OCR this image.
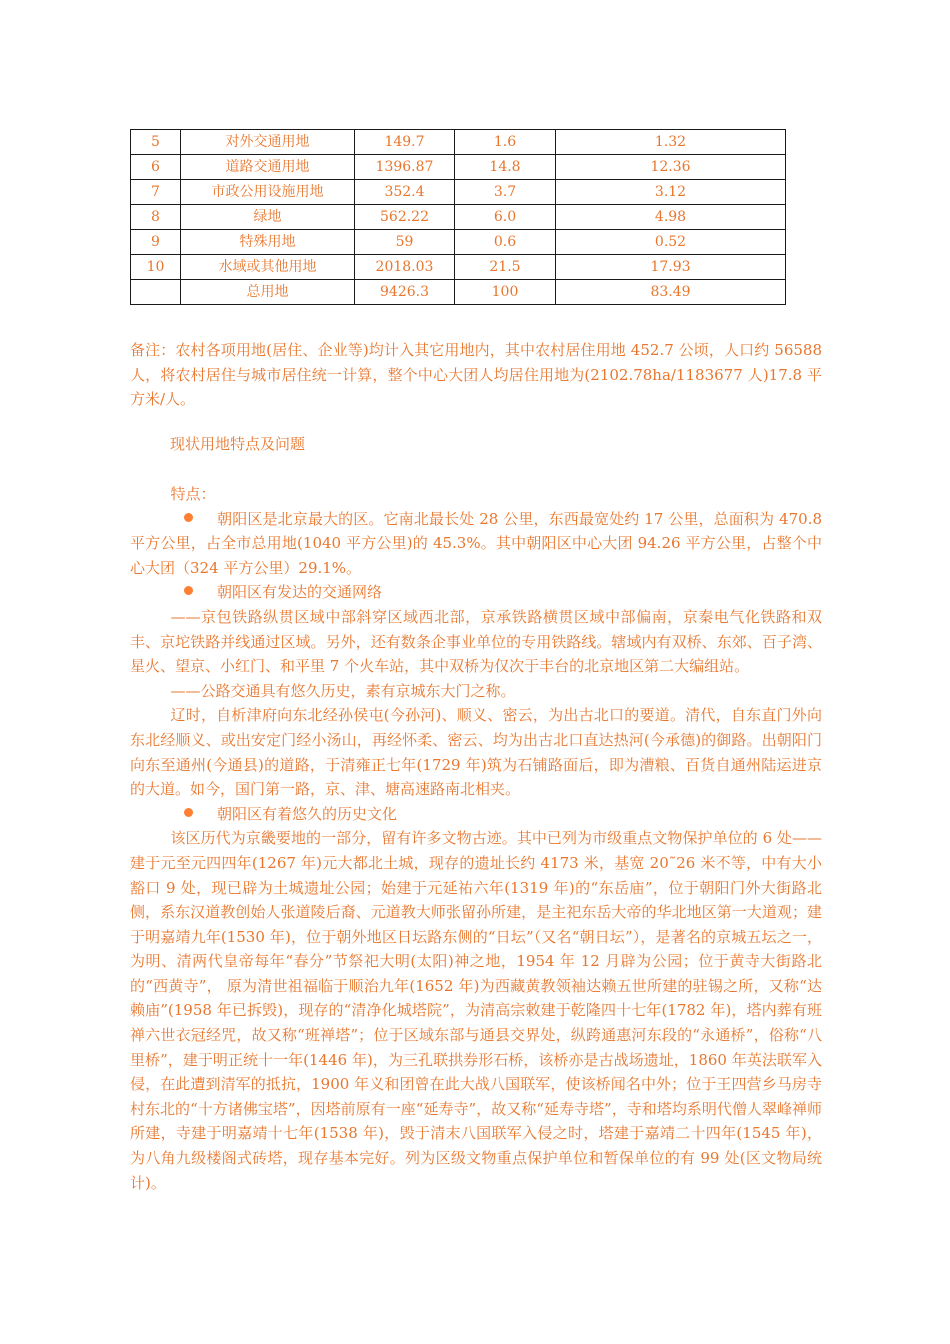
5	对外交通用地	149.7	1.6	1.32
6	道路交通用地	1396.87	14.8	12.36
7	市政公用设施用地	352.4	3.7	3.12
8	绿地	562.22	6.0	4.98
9	特殊用地	59	0.6	0.52
10	水域或其他用地	2018.03	21.5	17.93
	总用地	9426.3	100	83.49

备注：农村各项用地(居住、企业等)均计入其它用地内，其中农村居住用地 452.7 公顷，人口约 56588 人，将农村居住与城市居住统一计算，整个中心大团人均居住用地为(2102.78ha/1183677 人)17.8 平方米/人。

现状用地特点及问题

特点：

朝阳区是北京最大的区。它南北最长处 28 公里，东西最宽处约 17 公里，总面积为 470.8 平方公里，占全市总用地(1040 平方公里)的 45.3%。其中朝阳区中心大团 94.26 平方公里，占整个中心大团（324 平方公里）29.1%。

朝阳区有发达的交通网络

——京包铁路纵贯区域中部斜穿区域西北部，京承铁路横贯区域中部偏南，京秦电气化铁路和双丰、京坨铁路并线通过区域。另外，还有数条企事业单位的专用铁路线。辖域内有双桥、东郊、百子湾、星火、望京、小红门、和平里 7 个火车站，其中双桥为仅次于丰台的北京地区第二大编组站。

——公路交通具有悠久历史，素有京城东大门之称。

辽时，自析津府向东北经孙侯屯(今孙河)、顺义、密云，为出古北口的要道。清代，自东直门外向东北经顺义、或出安定门经小汤山，再经怀柔、密云、均为出古北口直达热河(今承德)的御路。出朝阳门向东至通州(今通县)的道路，于清雍正七年(1729 年)筑为石铺路面后，即为漕粮、百货自通州陆运进京的大道。如今，国门第一路，京、津、塘高速路南北相夹。

朝阳区有着悠久的历史文化

该区历代为京畿要地的一部分，留有许多文物古迹。其中已列为市级重点文物保护单位的 6 处——建于元至元四四年(1267 年)元大都北土城，现存的遗址长约 4173 米，基宽 20˜26 米不等，中有大小豁口 9 处，现已辟为土城遗址公园；始建于元延祐六年(1319 年)的“东岳庙”，位于朝阳门外大街路北侧，系东汉道教创始人张道陵后裔、元道教大师张留孙所建，是主祀东岳大帝的华北地区第一大道观；建于明嘉靖九年(1530 年)，位于朝外地区日坛路东侧的“日坛”（又名“朝日坛”），是著名的京城五坛之一，为明、清两代皇帝每年“春分”节祭祀大明(太阳)神之地，1954 年 12 月辟为公园；位于黄寺大街路北的“西黄寺”， 原为清世祖福临于顺治九年(1652 年)为西藏黄教领袖达赖五世所建的驻锡之所，又称“达赖庙”(1958 年已拆毁)，现存的“清净化城塔院”，为清高宗敕建于乾隆四十七年(1782 年)，塔内葬有班禅六世衣冠经咒，故又称“班禅塔”；位于区域东部与通县交界处，纵跨通惠河东段的“永通桥”，俗称“八里桥”，建于明正统十一年(1446 年)，为三孔联拱券形石桥，该桥亦是古战场遗址，1860 年英法联军入侵，在此遭到清军的抵抗，1900 年义和团曾在此大战八国联军，使该桥闻名中外；位于王四营乡马房寺村东北的“十方诸佛宝塔”，因塔前原有一座“延寿寺”，故又称“延寿寺塔”，寺和塔均系明代僧人翠峰禅师所建，寺建于明嘉靖十七年(1538 年)，毁于清末八国联军入侵之时，塔建于嘉靖二十四年(1545 年)，为八角九级楼阁式砖塔，现存基本完好。列为区级文物重点保护单位和暂保单位的有 99 处(区文物局统计)。
